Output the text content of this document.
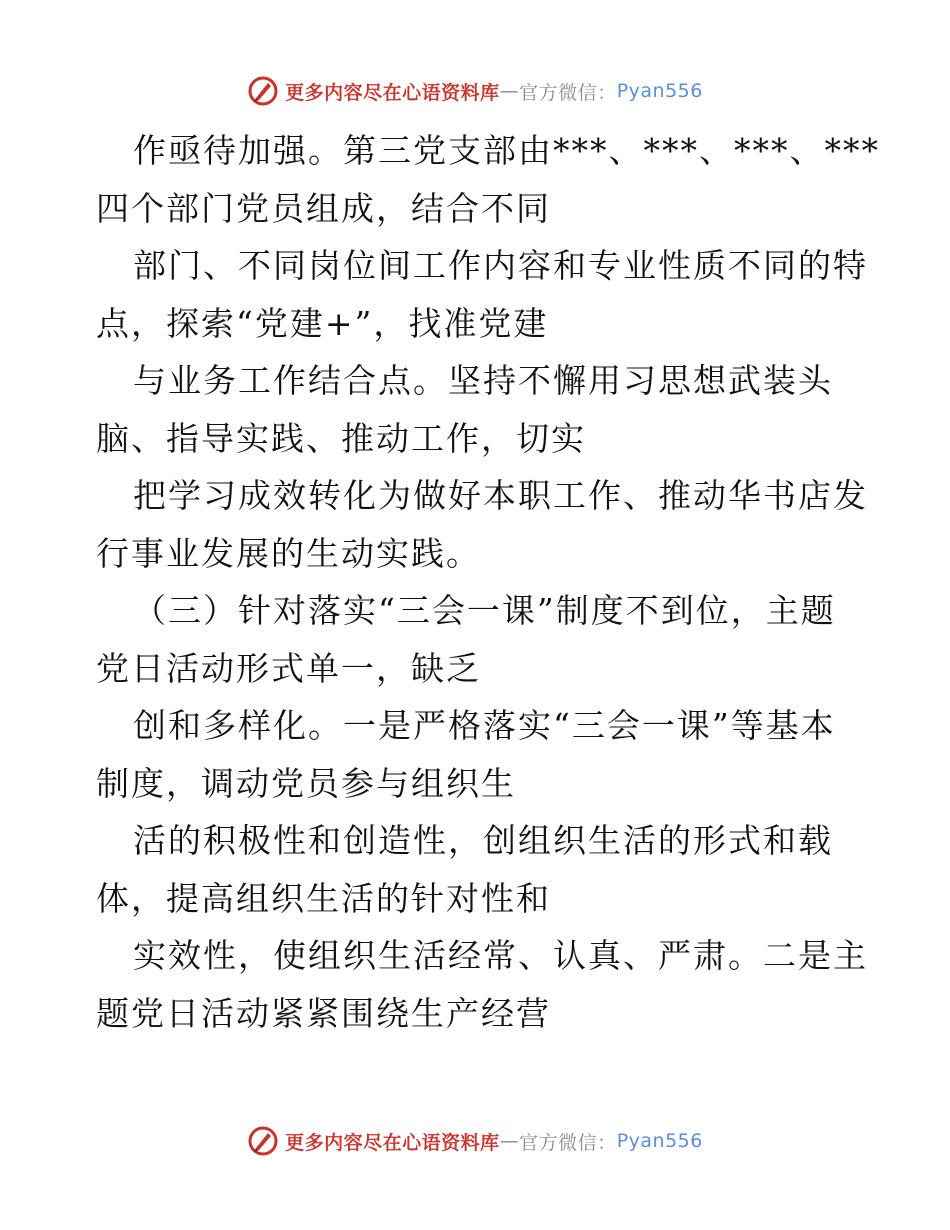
更多内容尽在心语资料库 — 官方微信： Pyan556
作亟待加强。第三党支部由***、***、***、***
四个部门党员组成，结合不同
部门、不同岗位间工作内容和专业性质不同的特
点，探索“党建+”，找准党建
与业务工作结合点。坚持不懈用习思想武装头
脑、指导实践、推动工作，切实
把学习成效转化为做好本职工作、推动华书店发
行事业发展的生动实践。
（三）针对落实“三会一课”制度不到位，主题
党日活动形式单一，缺乏
创和多样化。一是严格落实“三会一课”等基本
制度，调动党员参与组织生
活的积极性和创造性，创组织生活的形式和载
体，提高组织生活的针对性和
实效性，使组织生活经常、认真、严肃。二是主
题党日活动紧紧围绕生产经营
更多内容尽在心语资料库 — 官方微信： Pyan556
